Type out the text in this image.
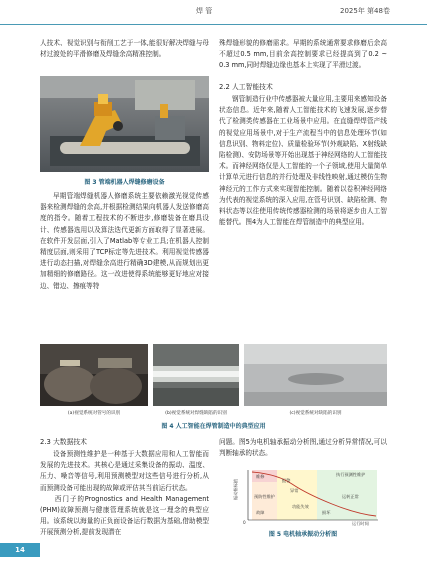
焊 管	2025年 第48卷

人技术、视觉识别与衔削工艺于一体,能很好解决焊缝与母材过渡处的平滑修磨及焊缝余高精准控制。

图 3 管端机器人焊缝修磨设备

早期管端焊缝机器人修磨系统主要依赖激光视觉传感器来检测焊缝的余高,并根据检测结果向机器人发送修磨高度的指令。随着工程技术的不断进步,修磨装备在磨具设计、传感器选用以及算法迭代更新方面取得了显著进展。在软件开发层面,引入了Matlab等专业工具;在机器人控制精度层面,则采用了TCP标定等先进技术。利用视觉传感器进行动态扫描,对焊缝余高进行精确3D建模,从而规划出更加精细的修磨路径。这一改进使得系统能够更好地应对接边、错边、擦痕等特

殊焊缝形貌的修磨需求。早期的系统通常要求修磨后余高不超过0.5 mm,目前余高控制要求已经提高到了0.2 ~ 0.3 mm,同时焊缝边缘也基本上实现了平滑过渡。

2.2 人工智能技术

钢管制造行业中传感器被大量应用,主要用来感知设备状态信息。近年来,随着人工智能技术的飞速发展,逐步替代了检测类传感器在工业场景中应用。在直缝焊焊管产线的视觉应用场景中,对于生产流程当中的信息处理环节(如信息识别、物料定位)、质量检验环节(外观缺陷、X射线缺陷检测)、安防场景等开始出现基于神经网络的人工智能技术。而神经网络仅是人工智能的一个子领域,使用大量简单计算单元进行信息的并行处理及非线性映射,通过模仿生物神经元的工作方式来实现智能控制。随着以卷积神经网络为代表的视觉系统的深入应用,在管号识别、缺陷检测、物料状态等以往使用传统传感器检测的场景将逐步由人工智能替代。图4为人工智能在焊管制造中的典型应用。

(a)视觉系统对管号的识别	(b)视觉系统对焊缝缺陷的识别	(c)视觉系统对缺陷的识别
图 4 人工智能在焊管制造中的典型应用

2.3 大数据技术

设备预测性维护是一种基于大数据应用和人工智能而发展的先进技术。其核心是通过采集设备的振动、温度、压力、噪音等信号,利用预测模型对这些信号进行分析,从而预测设备可能出现的故障或评估其当前运行状态。
　　西门子的Prognostics and Health Management (PHM)故障预测与健康管理系统就是这一理念的典型应用。该系统以海量的正负面设备运行数据为基础,借助模型开展预测分析,提前发现潜在

问题。图5为电机轴承振动分析图,通过分析异常情况,可以判断轴承的状态。

振动指标值
运行时间
执行预测性维护
维修
预防性维护
报警
异常
故障
功能失效
运转正常
损坏
0
图 5 电机轴承振动分析图
14
